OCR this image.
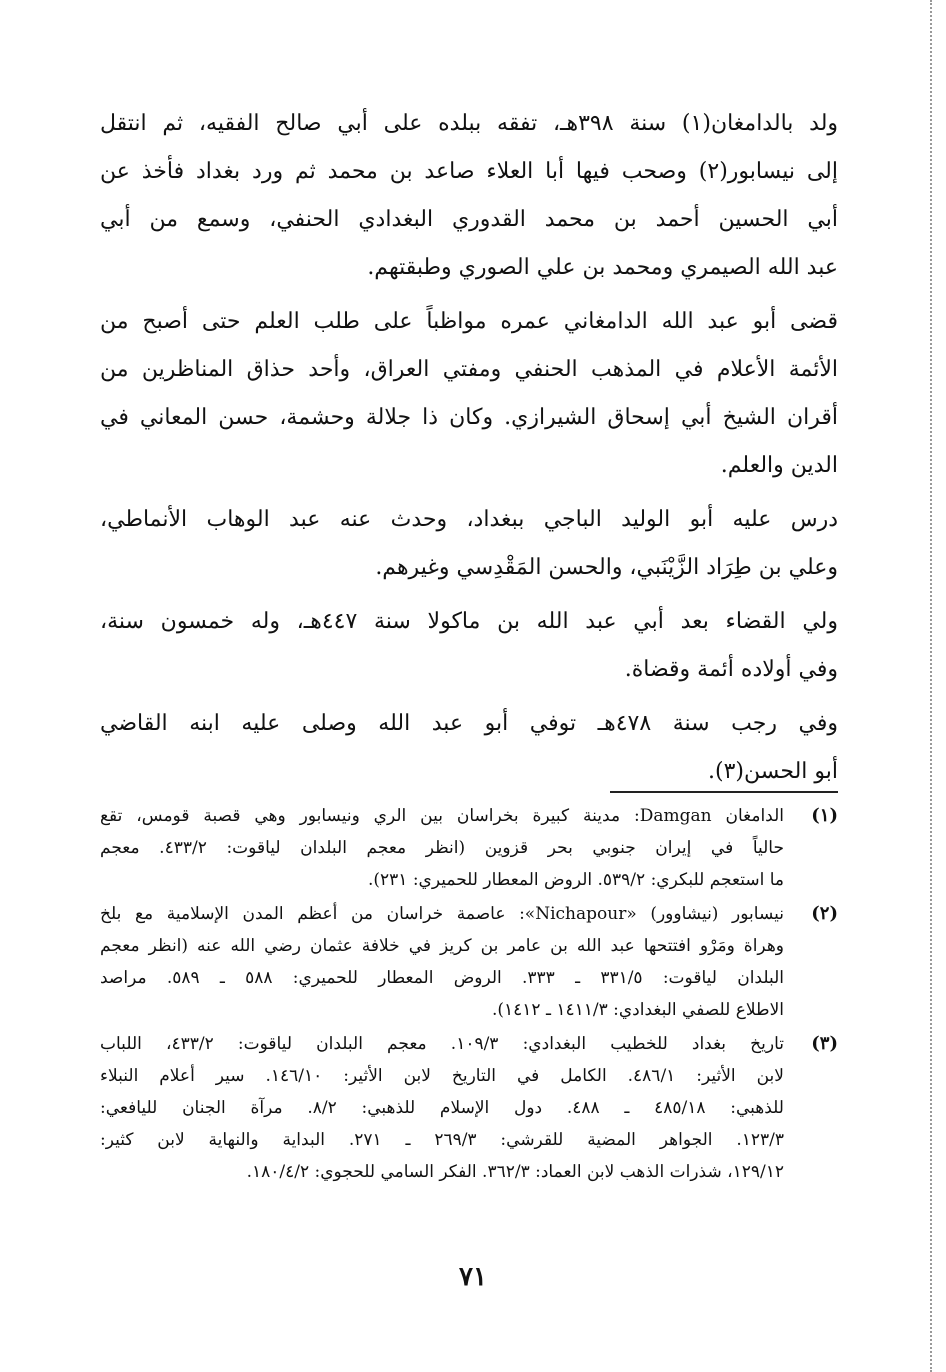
ولد بالدامغان(١) سنة ٣٩٨هـ، تفقه ببلده على أبي صالح الفقيه، ثم انتقل
إلى نيسابور(٢) وصحب فيها أبا العلاء صاعد بن محمد ثم ورد بغداد فأخذ عن
أبي الحسين أحمد بن محمد القدوري البغدادي الحنفي، وسمع من أبي
عبد الله الصيمري ومحمد بن علي الصوري وطبقتهم.
قضى أبو عبد الله الدامغاني عمره مواظباً على طلب العلم حتى أصبح من
الأئمة الأعلام في المذهب الحنفي ومفتي العراق، وأحد حذاق المناظرين من
أقران الشيخ أبي إسحاق الشيرازي. وكان ذا جلالة وحشمة، حسن المعاني في
الدين والعلم.
درس عليه أبو الوليد الباجي ببغداد، وحدث عنه عبد الوهاب الأنماطي،
وعلي بن طِرَاد الزَّيْنَبي، والحسن المَقْدِسي وغيرهم.
ولي القضاء بعد أبي عبد الله بن ماكولا سنة ٤٤٧هـ، وله خمسون سنة،
وفي أولاده أئمة وقضاة.
وفي رجب سنة ٤٧٨هـ توفي أبو عبد الله وصلى عليه ابنه القاضي
أبو الحسن(٣).
(١)
الدامغان Damgan: مدينة كبيرة بخراسان بين الري ونيسابور وهي قصبة قومس، تقع
حالياً في إيران جنوبي بحر قزوين (انظر معجم البلدان لياقوت: ٤٣٣/٢. معجم
ما استعجم للبكري: ٥٣٩/٢. الروض المعطار للحميري: ٢٣١).
(٢)
نيسابور (نيشاوور) «Nichapour»: عاصمة خراسان من أعظم المدن الإسلامية مع بلخ
وهراة ومَرْو افتتحها عبد الله بن عامر بن كريز في خلافة عثمان رضي الله عنه (انظر معجم
البلدان لياقوت: ٣٣١/٥ ـ ٣٣٣. الروض المعطار للحميري: ٥٨٨ ـ ٥٨٩. مراصد
الاطلاع للصفي البغدادي: ١٤١١/٣ ـ ١٤١٢).
(٣)
تاريخ بغداد للخطيب البغدادي: ١٠٩/٣. معجم البلدان لياقوت: ٤٣٣/٢، اللباب
لابن الأثير: ٤٨٦/١. الكامل في التاريخ لابن الأثير: ١٤٦/١٠. سير أعلام النبلاء
للذهبي: ٤٨٥/١٨ ـ ٤٨٨. دول الإسلام للذهبي: ٨/٢. مرآة الجنان لليافعي:
١٢٣/٣. الجواهر المضية للقرشي: ٢٦٩/٣ ـ ٢٧١. البداية والنهاية لابن كثير:
١٢٩/١٢، شذرات الذهب لابن العماد: ٣٦٢/٣. الفكر السامي للحجوي: ١٨٠/٤/٢.
٧١
